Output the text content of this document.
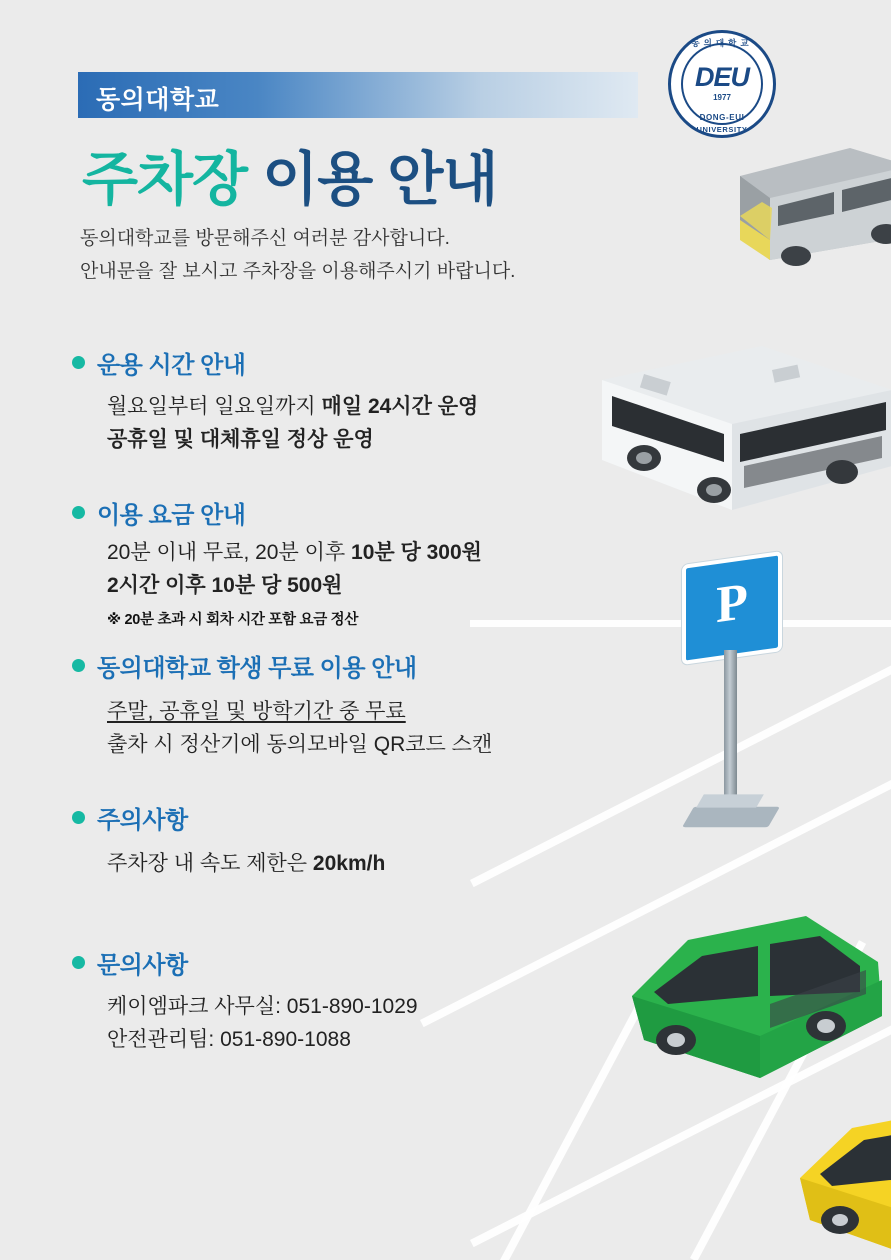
동의대학교
주차장 이용 안내
동의대학교를 방문해주신 여러분 감사합니다.
안내문을 잘 보시고 주차장을 이용해주시기 바랍니다.
동의대학교
DEU
1977
DONG-EUI
UNIVERSITY
운용 시간 안내
월요일부터 일요일까지 매일 24시간 운영
공휴일 및 대체휴일 정상 운영
이용 요금 안내
20분 이내 무료, 20분 이후 10분 당 300원
2시간 이후 10분 당 500원
※ 20분 초과 시 회차 시간 포함 요금 정산
동의대학교 학생 무료 이용 안내
주말, 공휴일 및 방학기간 중 무료
출차 시 정산기에 동의모바일 QR코드 스캔
주의사항
주차장 내 속도 제한은 20km/h
문의사항
케이엠파크 사무실: 051-890-1029
안전관리팀: 051-890-1088
P
